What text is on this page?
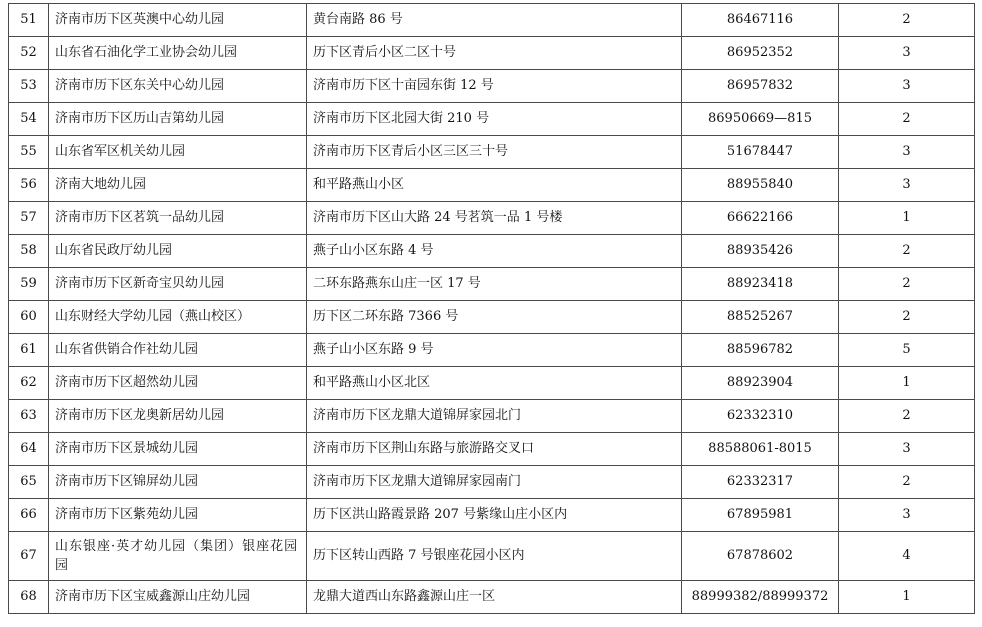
51	济南市历下区英澳中心幼儿园	黄台南路 86 号	86467116	2
52	山东省石油化学工业协会幼儿园	历下区青后小区二区十号	86952352	3
53	济南市历下区东关中心幼儿园	济南市历下区十亩园东街 12 号	86957832	3
54	济南市历下区历山吉第幼儿园	济南市历下区北园大街 210 号	86950669—815	2
55	山东省军区机关幼儿园	济南市历下区青后小区三区三十号	51678447	3
56	济南大地幼儿园	和平路燕山小区	88955840	3
57	济南市历下区茗筑一品幼儿园	济南市历下区山大路 24 号茗筑一品 1 号楼	66622166	1
58	山东省民政厅幼儿园	燕子山小区东路 4 号	88935426	2
59	济南市历下区新奇宝贝幼儿园	二环东路燕东山庄一区 17 号	88923418	2
60	山东财经大学幼儿园（燕山校区）	历下区二环东路 7366 号	88525267	2
61	山东省供销合作社幼儿园	燕子山小区东路 9 号	88596782	5
62	济南市历下区超然幼儿园	和平路燕山小区北区	88923904	1
63	济南市历下区龙奥新居幼儿园	济南市历下区龙鼎大道锦屏家园北门	62332310	2
64	济南市历下区景城幼儿园	济南市历下区荆山东路与旅游路交叉口	88588061-8015	3
65	济南市历下区锦屏幼儿园	济南市历下区龙鼎大道锦屏家园南门	62332317	2
66	济南市历下区紫苑幼儿园	历下区洪山路霞景路 207 号紫缘山庄小区内	67895981	3
67	山东银座·英才幼儿园（集团）银座花园园	历下区转山西路 7 号银座花园小区内	67878602	4
68	济南市历下区宝威鑫源山庄幼儿园	龙鼎大道西山东路鑫源山庄一区	88999382/88999372	1
